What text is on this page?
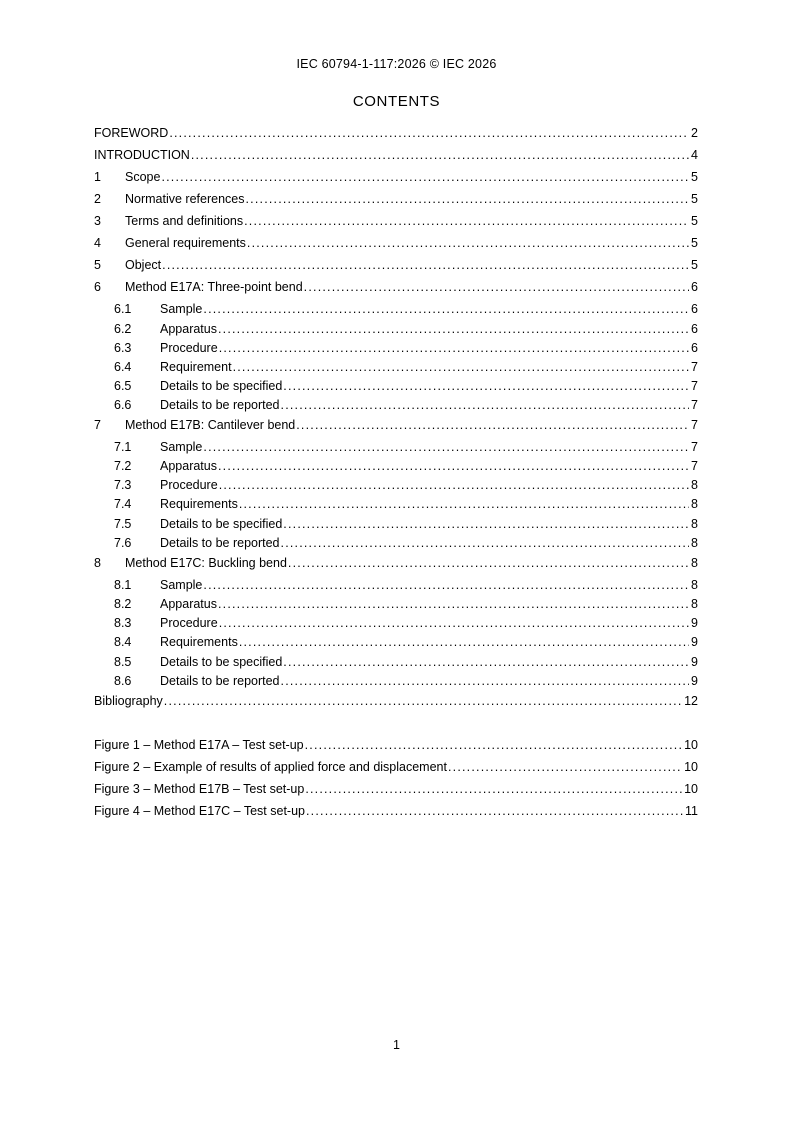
IEC 60794-1-117:2026 © IEC 2026
CONTENTS
FOREWORD .....	2
INTRODUCTION .....	4
1	Scope .....	5
2	Normative references .....	5
3	Terms and definitions .....	5
4	General requirements .....	5
5	Object .....	5
6	Method E17A: Three-point bend .....	6
6.1	Sample .....	6
6.2	Apparatus .....	6
6.3	Procedure .....	6
6.4	Requirement .....	7
6.5	Details to be specified .....	7
6.6	Details to be reported .....	7
7	Method E17B: Cantilever bend .....	7
7.1	Sample .....	7
7.2	Apparatus .....	7
7.3	Procedure .....	8
7.4	Requirements .....	8
7.5	Details to be specified .....	8
7.6	Details to be reported .....	8
8	Method E17C: Buckling bend .....	8
8.1	Sample .....	8
8.2	Apparatus .....	8
8.3	Procedure .....	9
8.4	Requirements .....	9
8.5	Details to be specified .....	9
8.6	Details to be reported .....	9
Bibliography .....	12
Figure 1 – Method E17A – Test set-up .....	10
Figure 2 – Example of results of applied force and displacement .....	10
Figure 3 – Method E17B – Test set-up .....	10
Figure 4 – Method E17C – Test set-up .....	11
1
